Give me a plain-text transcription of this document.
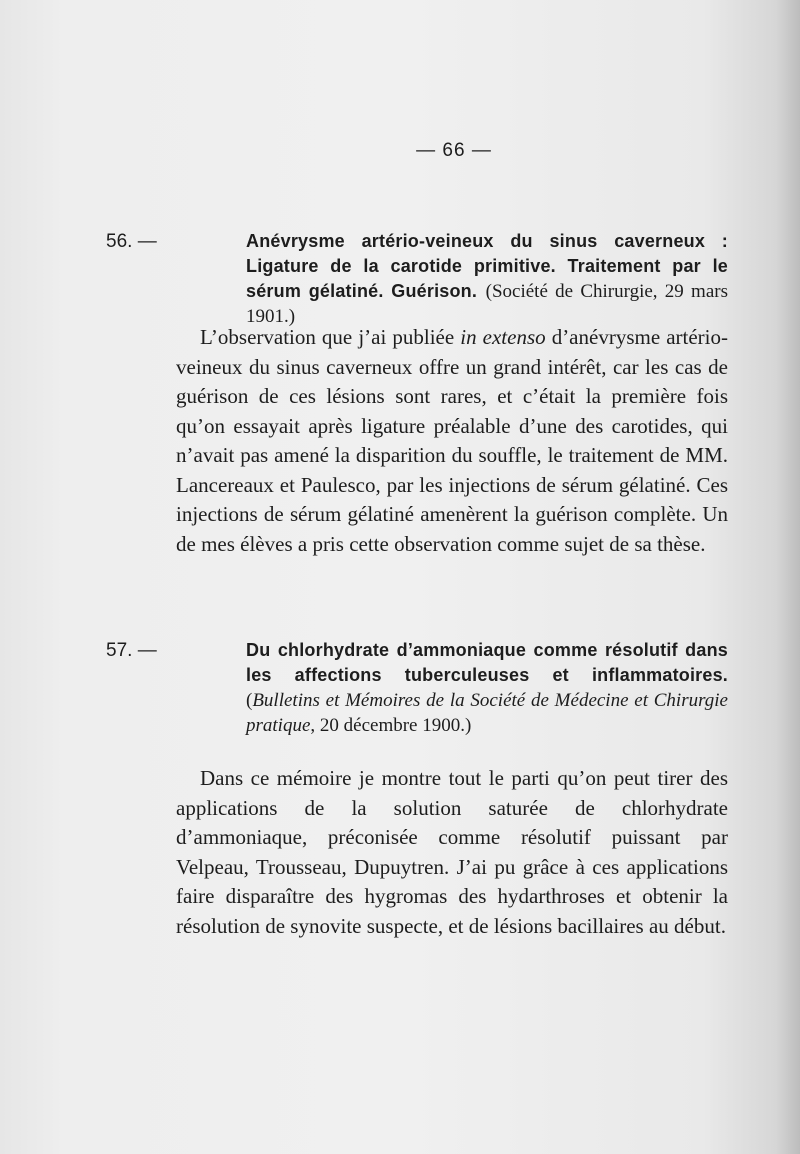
— 66 —
56. —	Anévrysme artério-veineux du sinus caverneux : Ligature de la carotide primitive. Traitement par le sérum gélatiné. Guérison. (Société de Chirurgie, 29 mars 1901.)
L’observation que j’ai publiée in extenso d’anévrysme artério-veineux du sinus caverneux offre un grand intérêt, car les cas de guérison de ces lésions sont rares, et c’était la première fois qu’on essayait après ligature préalable d’une des carotides, qui n’avait pas amené la disparition du souffle, le traitement de MM. Lancereaux et Paulesco, par les injections de sérum gélatiné. Ces injections de sérum gélatiné amenèrent la guérison complète. Un de mes élèves a pris cette observation comme sujet de sa thèse.
57. —	Du chlorhydrate d’ammoniaque comme résolutif dans les affections tuberculeuses et inflammatoires. (Bulletins et Mémoires de la Société de Médecine et Chirurgie pratique, 20 décembre 1900.)
Dans ce mémoire je montre tout le parti qu’on peut tirer des applications de la solution saturée de chlorhydrate d’ammoniaque, préconisée comme résolutif puissant par Velpeau, Trousseau, Dupuytren. J’ai pu grâce à ces applications faire disparaître des hygromas des hydarthroses et obtenir la résolution de synovite suspecte, et de lésions bacillaires au début.
